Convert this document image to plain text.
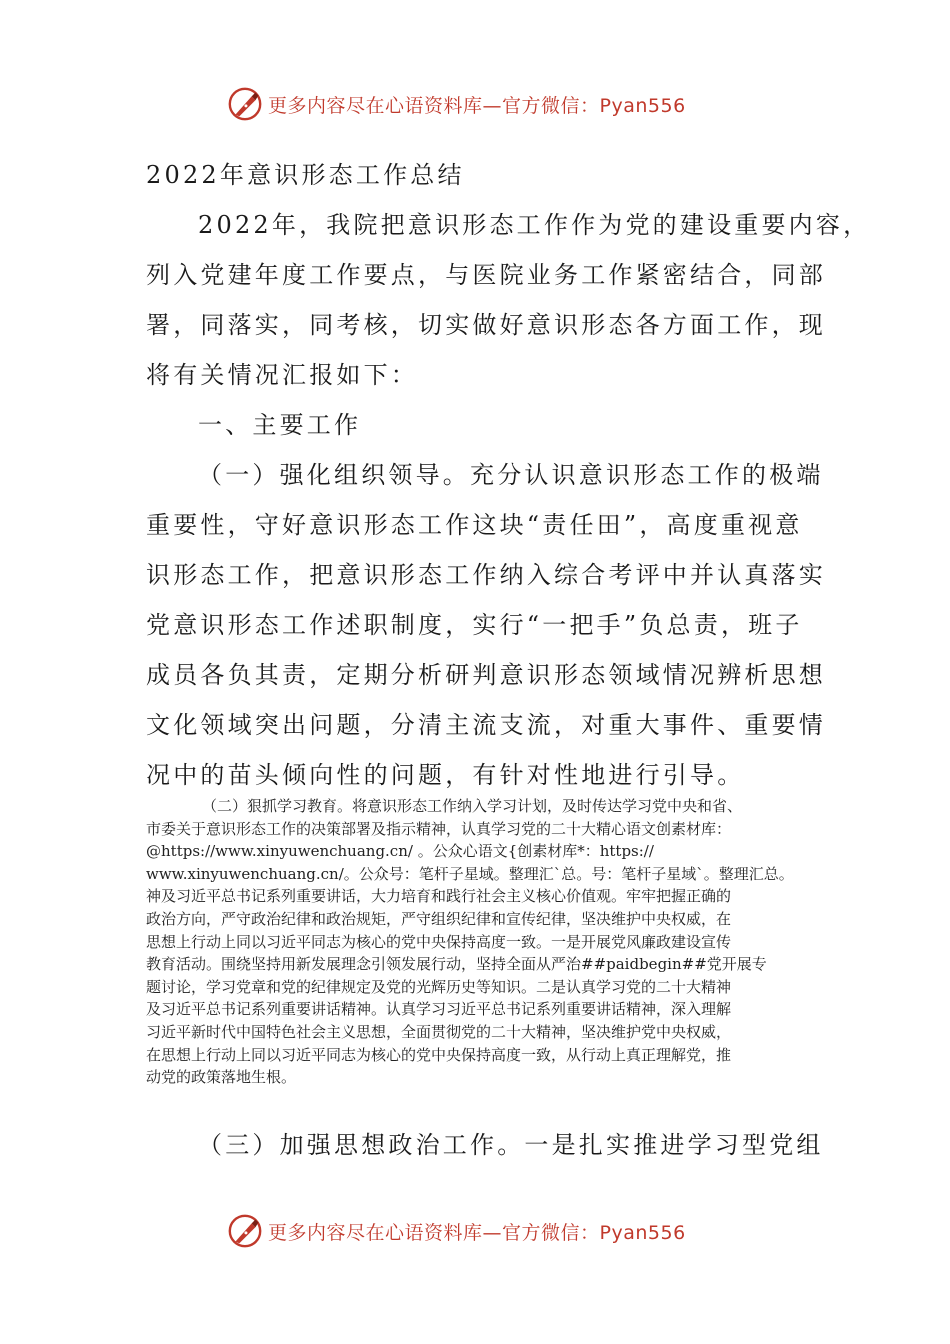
更多内容尽在心语资料库—官方微信：Pyan556
2022年意识形态工作总结
2022年，我院把意识形态工作作为党的建设重要内容，
列入党建年度工作要点，与医院业务工作紧密结合，同部
署，同落实，同考核，切实做好意识形态各方面工作，现
将有关情况汇报如下：
一、主要工作
（一）强化组织领导。充分认识意识形态工作的极端
重要性，守好意识形态工作这块“责任田”，高度重视意
识形态工作，把意识形态工作纳入综合考评中并认真落实
党意识形态工作述职制度，实行“一把手”负总责，班子
成员各负其责，定期分析研判意识形态领域情况辨析思想
文化领域突出问题，分清主流支流，对重大事件、重要情
况中的苗头倾向性的问题，有针对性地进行引导。
（二）狠抓学习教育。将意识形态工作纳入学习计划，及时传达学习党中央和省、
市委关于意识形态工作的决策部署及指示精神，认真学习党的二十大精心语文创素材库：
@https://www.xinyuwenchuang.cn/ 。公众心语文{创素材库*：https://
www.xinyuwenchuang.cn/。公众号：笔杆子星域。整理汇`总。号：笔杆子星域`。整理汇总。
神及习近平总书记系列重要讲话，大力培育和践行社会主义核心价值观。牢牢把握正确的
政治方向，严守政治纪律和政治规矩，严守组织纪律和宣传纪律，坚决维护中央权威，在
思想上行动上同以习近平同志为核心的党中央保持高度一致。一是开展党风廉政建设宣传
教育活动。围绕坚持用新发展理念引领发展行动，坚持全面从严治##paidbegin##党开展专
题讨论，学习党章和党的纪律规定及党的光辉历史等知识。二是认真学习党的二十大精神
及习近平总书记系列重要讲话精神。认真学习习近平总书记系列重要讲话精神，深入理解
习近平新时代中国特色社会主义思想，全面贯彻党的二十大精神，坚决维护党中央权威，
在思想上行动上同以习近平同志为核心的党中央保持高度一致，从行动上真正理解党，推
动党的政策落地生根。
（三）加强思想政治工作。一是扎实推进学习型党组
更多内容尽在心语资料库—官方微信：Pyan556
